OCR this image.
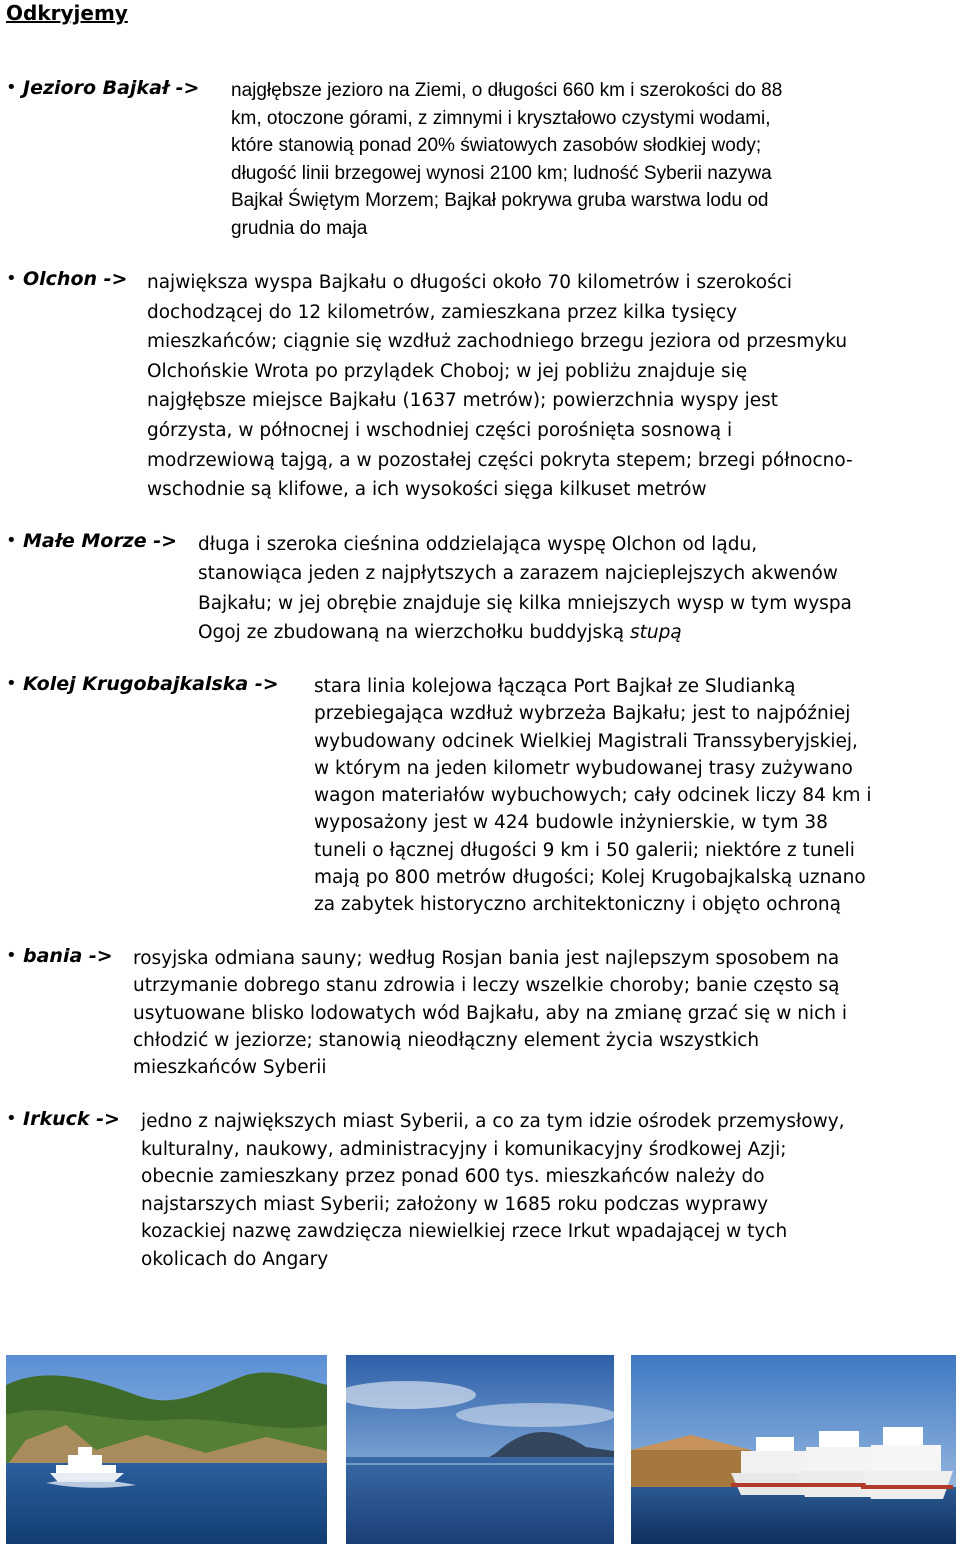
Odkryjemy
• Jezioro Bajkał -> najgłębsze jezioro na Ziemi, o długości 660 km i szerokości do 88
km, otoczone górami, z zimnymi i kryształowo czystymi wodami,
które stanowią ponad 20% światowych zasobów słodkiej wody;
długość linii brzegowej wynosi 2100 km; ludność Syberii nazywa
Bajkał Świętym Morzem; Bajkał pokrywa gruba warstwa lodu od
grudnia do maja

• Olchon -> największa wyspa Bajkału o długości około 70 kilometrów i szerokości
dochodzącej do 12 kilometrów, zamieszkana przez kilka tysięcy
mieszkańców; ciągnie się wzdłuż zachodniego brzegu jeziora od przesmyku
Olchońskie Wrota po przylądek Choboj; w jej pobliżu znajduje się
najgłębsze miejsce Bajkału (1637 metrów); powierzchnia wyspy jest
górzysta, w północnej i wschodniej części porośnięta sosnową i
modrzewiową tajgą, a w pozostałej części pokryta stepem; brzegi północno-
wschodnie są klifowe, a ich wysokości sięga kilkuset metrów

• Małe Morze -> długa i szeroka cieśnina oddzielająca wyspę Olchon od lądu,
stanowiąca jeden z najpłytszych a zarazem najcieplejszych akwenów
Bajkału; w jej obrębie znajduje się kilka mniejszych wysp w tym wyspa
Ogoj ze zbudowaną na wierzchołku buddyjską stupą

• Kolej Krugobajkalska -> stara linia kolejowa łącząca Port Bajkał ze Sludianką
przebiegająca wzdłuż wybrzeża Bajkału; jest to najpóźniej
wybudowany odcinek Wielkiej Magistrali Transsyberyjskiej,
w którym na jeden kilometr wybudowanej trasy zużywano
wagon materiałów wybuchowych; cały odcinek liczy 84 km i
wyposażony jest w 424 budowle inżynierskie, w tym 38
tuneli o łącznej długości 9 km i 50 galerii; niektóre z tuneli
mają po 800 metrów długości; Kolej Krugobajkalską uznano
za zabytek historyczno architektoniczny i objęto ochroną

• bania -> rosyjska odmiana sauny; według Rosjan bania jest najlepszym sposobem na
utrzymanie dobrego stanu zdrowia i leczy wszelkie choroby; banie często są
usytuowane blisko lodowatych wód Bajkału, aby na zmianę grzać się w nich i
chłodzić w jeziorze; stanowią nieodłączny element życia wszystkich
mieszkańców Syberii

• Irkuck -> jedno z największych miast Syberii, a co za tym idzie ośrodek przemysłowy,
kulturalny, naukowy, administracyjny i komunikacyjny środkowej Azji;
obecnie zamieszkany przez ponad 600 tys. mieszkańców należy do
najstarszych miast Syberii; założony w 1685 roku podczas wyprawy
kozackiej nazwę zawdzięcza niewielkiej rzece Irkut wpadającej w tych
okolicach do Angary
